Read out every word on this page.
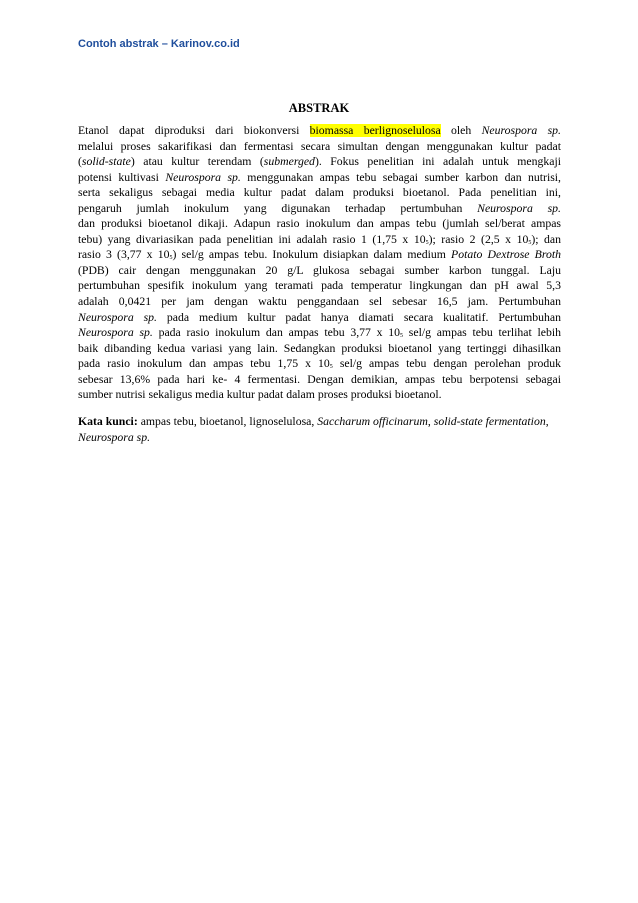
Contoh abstrak – Karinov.co.id
ABSTRAK
Etanol dapat diproduksi dari biokonversi biomassa berlignoselulosa oleh Neurospora sp.
melalui proses sakarifikasi dan fermentasi secara simultan dengan menggunakan kultur padat
(solid-state) atau kultur terendam (submerged). Fokus penelitian ini adalah untuk mengkaji
potensi kultivasi Neurospora sp. menggunakan ampas tebu sebagai sumber karbon dan nutrisi,
serta sekaligus sebagai media kultur padat dalam produksi bioetanol. Pada penelitian ini,
pengaruh jumlah inokulum yang digunakan terhadap pertumbuhan Neurospora sp.
dan produksi bioetanol dikaji. Adapun rasio inokulum dan ampas tebu (jumlah sel/berat ampas
tebu) yang divariasikan pada penelitian ini adalah rasio 1 (1,75 x $10^5$); rasio 2 (2,5 x $10^5$); dan
rasio 3 (3,77 x $10^5$) sel/g ampas tebu. Inokulum disiapkan dalam medium Potato Dextrose Broth
(PDB) cair dengan menggunakan 20 g/L glukosa sebagai sumber karbon tunggal. Laju
pertumbuhan spesifik inokulum yang teramati pada temperatur lingkungan dan pH awal 5,3
adalah 0,0421 per jam dengan waktu penggandaan sel sebesar 16,5 jam. Pertumbuhan
Neurospora sp. pada medium kultur padat hanya diamati secara kualitatif. Pertumbuhan
Neurospora sp. pada rasio inokulum dan ampas tebu 3,77 x $10^5$ sel/g ampas tebu terlihat lebih
baik dibanding kedua variasi yang lain. Sedangkan produksi bioetanol yang tertinggi dihasilkan
pada rasio inokulum dan ampas tebu 1,75 x $10^5$ sel/g ampas tebu dengan perolehan produk
sebesar 13,6% pada hari ke- 4 fermentasi. Dengan demikian, ampas tebu berpotensi sebagai
sumber nutrisi sekaligus media kultur padat dalam proses produksi bioetanol.
Kata kunci: ampas tebu, bioetanol, lignoselulosa, Saccharum officinarum, solid-state fermentation,
Neurospora sp.
